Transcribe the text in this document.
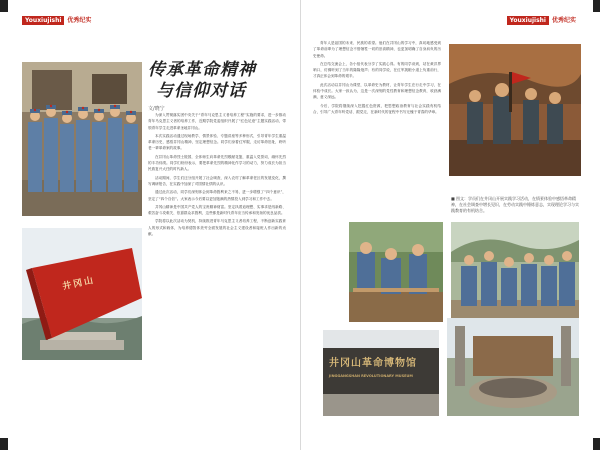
Youxiujishi	优秀纪实
传承革命精神
与信仰对话
文/晓宁

为深入贯彻落实团中央关于“青年马克思主义者培养工程”实施的要求，进一步推动青年马克思主义者的培养工作，近期学院党委组织开展了“红色足迹”主题实践活动，带领青年学生走进革命圣地井冈山。

本次实践活动通过现场教学、情景体验、专题讲座等多种形式，引导青年学生重温革命历史，感悟井冈山精神，坚定理想信念。同学们身着红军服，走访革命旧址，聆听老一辈革命家的故事。

在井冈山革命烈士陵园，全体师生向革命先烈敬献花篮，重温入党誓词，缅怀先烈的丰功伟绩。同学们纷纷表示，要把革命先烈的精神化作学习的动力，努力成长为担当民族复兴大任的时代新人。

活动期间，学生们还分组开展了社会调查，深入农村了解革命老区的发展变化，撰写调研报告，在实践中加深了对国情社情的认识。

通过此次活动，同学们深刻体会到革命胜利来之不易，进一步增强了“四个意识”，坚定了“四个自信”。大家表示今后要以更加饱满的热情投入到学习和工作中去。

井冈山精神是中国共产党人的宝贵精神财富。坚定执着追理想、实事求是闯新路、艰苦奋斗攻难关、依靠群众求胜利，这些都是新时代青年应当传承和发扬的优良品质。

学院将以此次活动为契机，持续推进青年马克思主义者培养工程，不断创新实践育人的形式和载体，为培养德智体美劳全面发展的社会主义建设者和接班人作出新的贡献。

井冈山
Youxiujishi	优秀纪实

青年人是祖国的未来、民族的希望。他们在井冈山的学习中，真切地感受到了革命前辈为了理想信念不惜牺牲一切的崇高精神，也更加明确了自身肩负的历史使命。

在总结交流会上，各小组代表分享了实践心得。有的同学谈到，站在黄洋界哨口，仿佛听到了当年的隆隆炮声；有的同学说，在红军挑粮小道上负重前行，才真正体会到革命的艰辛。

此次活动以井冈山为课堂，以革命史为教材，让青年学生在行走中学习，在体验中成长。大家一致认为，这是一次深刻的党性教育和理想信念教育，收获满满，意义深远。

今后，学院将继续深入挖掘红色资源，把思想政治教育与社会实践有机结合，引导广大青年听党话、跟党走，在新时代的征程中书写无愧于青春的华章。

井冈山革命博物馆
JINGGANGSHAN REVOLUTIONARY MUSEUM
■ 图文：学员们在井冈山开展实践学习活动，在情景体验中感悟革命精神，在社会调查中增长见识，在劳动实践中锤炼意志，实现理论学习与实践教育的有机结合。
